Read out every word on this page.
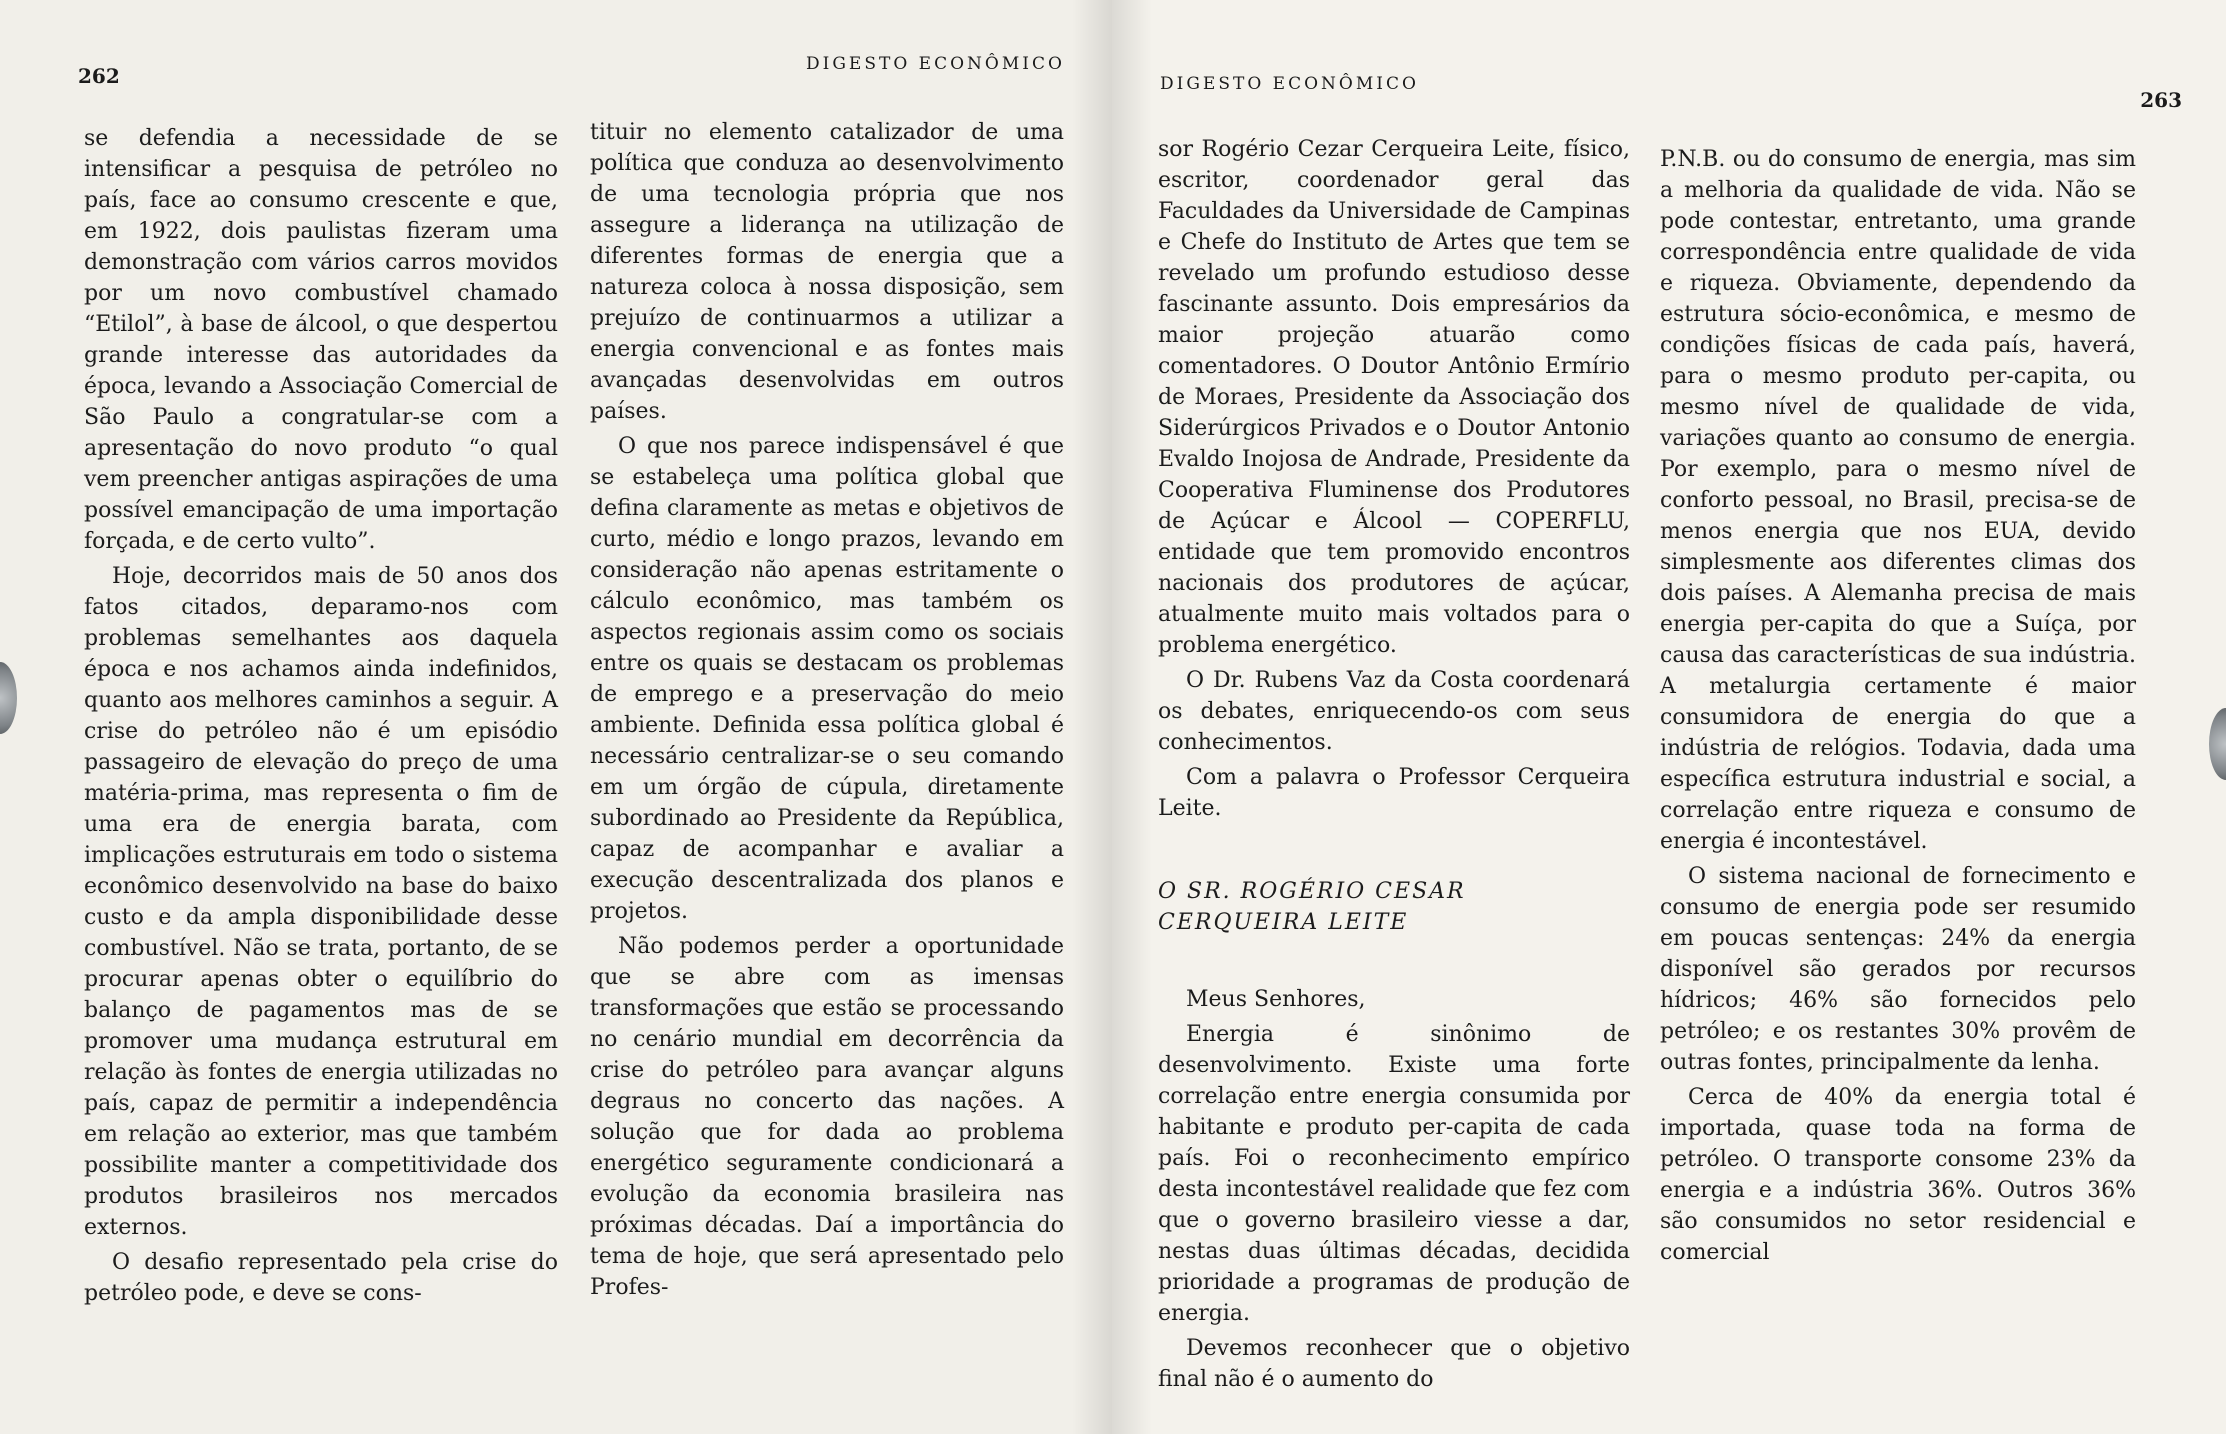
262	DIGESTO ECONÔMICO

se defendia a necessidade de se intensificar a pesquisa de petróleo no país, face ao consumo crescente e que, em 1922, dois paulistas fizeram uma demonstração com vários carros movidos por um novo combustível chamado “Etilol”, à base de álcool, o que despertou grande interesse das autoridades da época, levando a Associação Comercial de São Paulo a congratular-se com a apresentação do novo produto “o qual vem preencher antigas aspirações de uma possível emancipação de uma importação forçada, e de certo vulto”.

Hoje, decorridos mais de 50 anos dos fatos citados, deparamo-nos com problemas semelhantes aos daquela época e nos achamos ainda indefinidos, quanto aos melhores caminhos a seguir. A crise do petróleo não é um episódio passageiro de elevação do preço de uma matéria-prima, mas representa o fim de uma era de energia barata, com implicações estruturais em todo o sistema econômico desenvolvido na base do baixo custo e da ampla disponibilidade desse combustível. Não se trata, portanto, de se procurar apenas obter o equilíbrio do balanço de pagamentos mas de se promover uma mudança estrutural em relação às fontes de energia utilizadas no país, capaz de permitir a independência em relação ao exterior, mas que também possibilite manter a competitividade dos produtos brasileiros nos mercados externos.

O desafio representado pela crise do petróleo pode, e deve se cons-

tituir no elemento catalizador de uma política que conduza ao desenvolvimento de uma tecnologia própria que nos assegure a liderança na utilização de diferentes formas de energia que a natureza coloca à nossa disposição, sem prejuízo de continuarmos a utilizar a energia convencional e as fontes mais avançadas desenvolvidas em outros países.

O que nos parece indispensável é que se estabeleça uma política global que defina claramente as metas e objetivos de curto, médio e longo prazos, levando em consideração não apenas estritamente o cálculo econômico, mas também os aspectos regionais assim como os sociais entre os quais se destacam os problemas de emprego e a preservação do meio ambiente. Definida essa política global é necessário centralizar-se o seu comando em um órgão de cúpula, diretamente subordinado ao Presidente da República, capaz de acompanhar e avaliar a execução descentralizada dos planos e projetos.

Não podemos perder a oportunidade que se abre com as imensas transformações que estão se processando no cenário mundial em decorrência da crise do petróleo para avançar alguns degraus no concerto das nações. A solução que for dada ao problema energético seguramente condicionará a evolução da economia brasileira nas próximas décadas. Daí a importância do tema de hoje, que será apresentado pelo Profes-

DIGESTO ECONÔMICO
263

sor Rogério Cezar Cerqueira Leite, físico, escritor, coordenador geral das Faculdades da Universidade de Campinas e Chefe do Instituto de Artes que tem se revelado um profundo estudioso desse fascinante assunto. Dois empresários da maior projeção atuarão como comentadores. O Doutor Antônio Ermírio de Moraes, Presidente da Associação dos Siderúrgicos Privados e o Doutor Antonio Evaldo Inojosa de Andrade, Presidente da Cooperativa Fluminense dos Produtores de Açúcar e Álcool — COPERFLU, entidade que tem promovido encontros nacionais dos produtores de açúcar, atualmente muito mais voltados para o problema energético.

O Dr. Rubens Vaz da Costa coordenará os debates, enriquecendo-os com seus conhecimentos.

Com a palavra o Professor Cerqueira Leite.

O SR. ROGÉRIO CESAR
CERQUEIRA LEITE

Meus Senhores,

Energia é sinônimo de desenvolvimento. Existe uma forte correlação entre energia consumida por habitante e produto per-capita de cada país. Foi o reconhecimento empírico desta incontestável realidade que fez com que o governo brasileiro viesse a dar, nestas duas últimas décadas, decidida prioridade a programas de produção de energia.

Devemos reconhecer que o objetivo final não é o aumento do

P.N.B. ou do consumo de energia, mas sim a melhoria da qualidade de vida. Não se pode contestar, entretanto, uma grande correspondência entre qualidade de vida e riqueza. Obviamente, dependendo da estrutura sócio-econômica, e mesmo de condições físicas de cada país, haverá, para o mesmo produto per-capita, ou mesmo nível de qualidade de vida, variações quanto ao consumo de energia. Por exemplo, para o mesmo nível de conforto pessoal, no Brasil, precisa-se de menos energia que nos EUA, devido simplesmente aos diferentes climas dos dois países. A Alemanha precisa de mais energia per-capita do que a Suíça, por causa das características de sua indústria. A metalurgia certamente é maior consumidora de energia do que a indústria de relógios. Todavia, dada uma específica estrutura industrial e social, a correlação entre riqueza e consumo de energia é incontestável.

O sistema nacional de fornecimento e consumo de energia pode ser resumido em poucas sentenças: 24% da energia disponível são gerados por recursos hídricos; 46% são fornecidos pelo petróleo; e os restantes 30% provêm de outras fontes, principalmente da lenha.

Cerca de 40% da energia total é importada, quase toda na forma de petróleo. O transporte consome 23% da energia e a indústria 36%. Outros 36% são consumidos no setor residencial e comercial
